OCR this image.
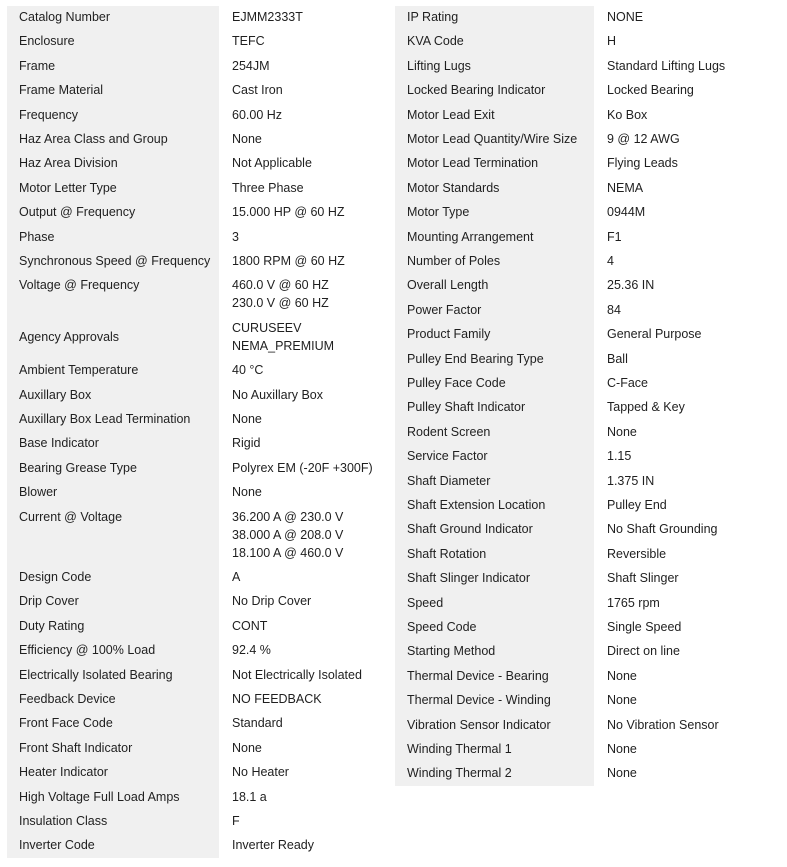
Catalog Number	EJMM2333T
Enclosure	TEFC
Frame	254JM
Frame Material	Cast Iron
Frequency	60.00 Hz
Haz Area Class and Group	None
Haz Area Division	Not Applicable
Motor Letter Type	Three Phase
Output @ Frequency	15.000 HP @ 60 HZ
Phase	3
Synchronous Speed @ Frequency 1800 RPM @ 60 HZ
Voltage @ Frequency	460.0 V @ 60 HZ
230.0 V @ 60 HZ
Agency Approvals
CURUSEEV
NEMA_PREMIUM
Ambient Temperature	40 °C
Auxillary Box	No Auxillary Box
Auxillary Box Lead Termination	None
Base Indicator	Rigid
Bearing Grease Type	Polyrex EM (-20F +300F)
Blower	None
Current @ Voltage	36.200 A @ 230.0 V
38.000 A @ 208.0 V
18.100 A @ 460.0 V
Design Code	A
Drip Cover	No Drip Cover
Duty Rating	CONT
Efficiency @ 100% Load	92.4 %
Electrically Isolated Bearing	Not Electrically Isolated
Feedback Device	NO FEEDBACK
Front Face Code	Standard
Front Shaft Indicator	None
Heater Indicator	No Heater
High Voltage Full Load Amps	18.1 a
Insulation Class	F
Inverter Code	Inverter Ready
IP Rating	NONE
KVA Code	H
Lifting Lugs	Standard Lifting Lugs
Locked Bearing Indicator	Locked Bearing
Motor Lead Exit	Ko Box
Motor Lead Quantity/Wire Size 9 @ 12 AWG
Motor Lead Termination	Flying Leads
Motor Standards	NEMA
Motor Type	0944M
Mounting Arrangement	F1
Number of Poles	4
Overall Length	25.36 IN
Power Factor	84
Product Family	General Purpose
Pulley End Bearing Type	Ball
Pulley Face Code	C-Face
Pulley Shaft Indicator	Tapped & Key
Rodent Screen	None
Service Factor	1.15
Shaft Diameter	1.375 IN
Shaft Extension Location	Pulley End
Shaft Ground Indicator	No Shaft Grounding
Shaft Rotation	Reversible
Shaft Slinger Indicator	Shaft Slinger
Speed	1765 rpm
Speed Code	Single Speed
Starting Method	Direct on line
Thermal Device - Bearing	None
Thermal Device - Winding	None
Vibration Sensor Indicator	No Vibration Sensor
Winding Thermal 1	None
Winding Thermal 2	None
